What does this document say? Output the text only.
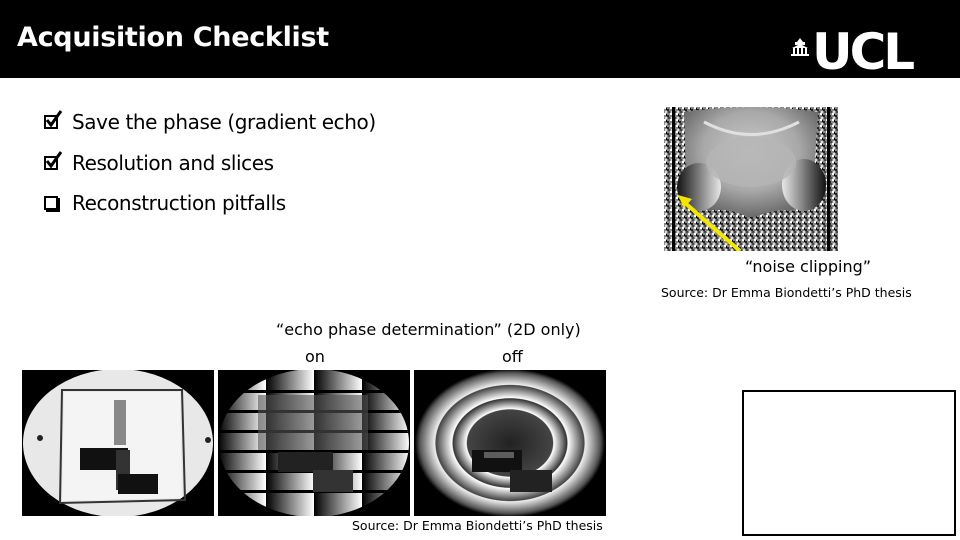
Acquisition Checklist	UCL
Save the phase (gradient echo)
Resolution and slices
Reconstruction pitfalls
“noise clipping”
Source: Dr Emma Biondetti’s PhD thesis
“echo phase determination” (2D only)
on	off
Source: Dr Emma Biondetti’s PhD thesis
